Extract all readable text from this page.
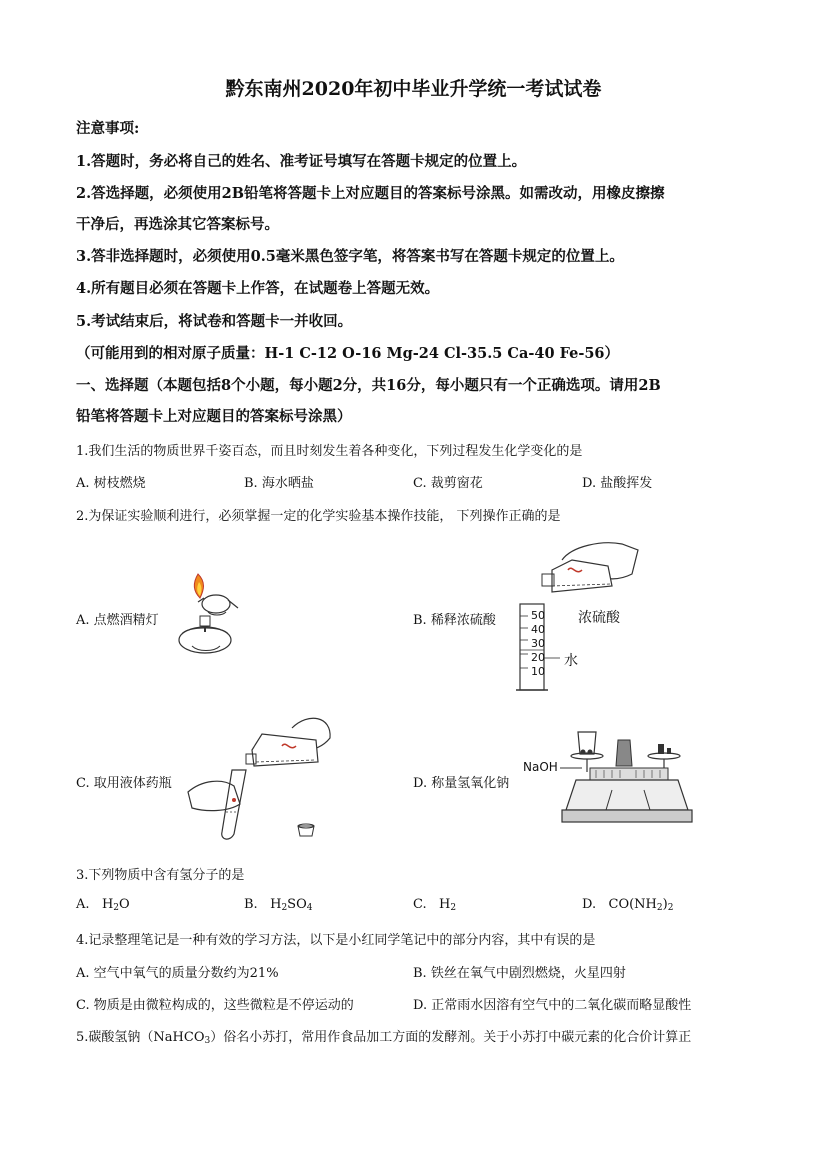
黔东南州2020年初中毕业升学统一考试试卷
注意事项:
1.答题时，务必将自己的姓名、准考证号填写在答题卡规定的位置上。
2.答选择题，必须使用2B铅笔将答题卡上对应题目的答案标号涂黑。如需改动，用橡皮擦擦
干净后，再选涂其它答案标号。
3.答非选择题时，必须使用0.5毫米黑色签字笔，将答案书写在答题卡规定的位置上。
4.所有题目必须在答题卡上作答，在试题卷上答题无效。
5.考试结束后，将试卷和答题卡一并收回。
（可能用到的相对原子质量：H-1 C-12 O-16 Mg-24 Cl-35.5 Ca-40 Fe-56）
一、选择题（本题包括8个小题，每小题2分，共16分，每小题只有一个正确选项。请用2B
铅笔将答题卡上对应题目的答案标号涂黑）
1.我们生活的物质世界千姿百态，而且时刻发生着各种变化，下列过程发生化学变化的是
A. 树枝燃烧	B. 海水晒盐	C. 裁剪窗花	D. 盐酸挥发
2.为保证实验顺利进行，必须掌握一定的化学实验基本操作技能， 下列操作正确的是
A. 点燃酒精灯	B. 稀释浓硫酸	50
40
30
20
10
浓硫酸
水
C. 取用液体药瓶	D. 称量氢氧化钠
NaOH
3.下列物质中含有氢分子的是
A. $H_2O$	B. $H_2SO_4$	C. $H_2$	D. $CO(NH_2)_2$
4.记录整理笔记是一种有效的学习方法，以下是小红同学笔记中的部分内容，其中有误的是
A. 空气中氧气的质量分数约为21%	B. 铁丝在氧气中剧烈燃烧，火星四射
C. 物质是由微粒构成的，这些微粒是不停运动的	D. 正常雨水因溶有空气中的二氧化碳而略显酸性
5.碳酸氢钠（NaHCO$_3$）俗名小苏打，常用作食品加工方面的发酵剂。关于小苏打中碳元素的化合价计算正
